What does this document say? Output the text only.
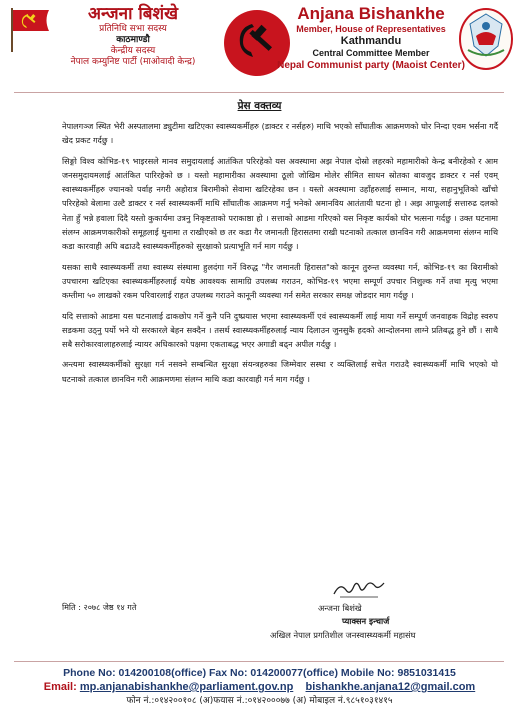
अन्जना बिशंखे
प्रतिनिधि सभा सदस्य
काठमाण्डौ
केन्द्रीय सदस्य
नेपाल कम्युनिष्ट पार्टी (माओवादी केन्द्र)
Anjana Bishankhe
Member, House of Representatives
Kathmandu
Central Committee Member
Nepal Communist party (Maoist Center)
प्रेस वक्तव्य

नेपालगञ्ज स्थित भेरी अस्पतालमा ड्युटीमा खटिएका स्वास्थ्यकर्मीहरु (डाक्टर र नर्सहरु) माथि भएको साँघातीक आक्रमणको घोर निन्दा एवम भर्सना गर्दै खेद प्रकट गर्दछु ।

सिङ्गो विश्व कोभिड-१९ भाइरसले मानव समुदायलाई आतंकित परिरहेको यस अवस्थामा अझ नेपाल दोस्रो लहरको महामारीको केन्द्र बनीरहेको र आम जनसमुदायमलाई आतंकित पारिरहेको छ । यस्तो महामारीका अवस्थामा ठूलो जोखिम मोलेर सीमित साधन स्रोतका बावजुद डाक्टर र नर्स एवम् स्वास्थ्यकर्मीहरु ज्यानको पर्वाह नगरी अहोरात्र बिरामीको सेवामा खटिरहेका छन । यस्तो अवस्थामा उहाँहरुलाई सम्मान, माया, सहानुभूतिको खाँचो परिरहेको बेलामा उल्टै डाक्टर र नर्स स्वास्थ्यकर्मी माथि साँघातीक आक्रमण गर्नु भनेको अमानविय आतंतायी घटना हो । अझ आफूलाई सत्तारुढ दलको नेता हुँ भन्ने हवाला दिदै यस्तो कुकार्यमा उत्रनु निकृष्टताको पराकाष्ठा हो । सत्ताको आडमा गरिएको यस निकृष्ट कार्यको घोर भत्सना गर्दछु । उक्त घटनामा संलग्न आक्रमणकारीको समूहलाई थुनामा त राखीएको छ तर कडा गैर जमानती हिरासतमा राखी घटनाको तत्काल छानविन गरी आक्रमणमा संलग्न माथि कडा कारवाही अघि बढाउदै स्वास्थ्यकर्मीहरुको सुरक्षाको प्रत्याभूति गर्न माग गर्दछु ।

यसका साथै स्वास्थ्यकर्मी तथा स्वास्थ्य संस्थामा हुलदंगा गर्ने विरुद्ध "गैर जमानती हिरासत"को कानून तुरुन्त व्यवस्था गर्न, कोभिड-१९ का बिरामीको उपचारमा खटिएका स्वास्थ्यकर्मीहरुलाई यथेष्ठ आवश्यक सामाग्रि उपलब्ध गराउन, कोभिड-१९ भएमा सम्पूर्ण उपचार निशुल्क गर्ने तथा मृत्यु भएमा कम्तीमा ५० लाखको रकम परिवारलाई राहत उपलब्ध गराउने कानूनी व्यवस्था गर्न समेत सरकार समक्ष जोडदार माग गर्दछु ।

यदि सत्ताको आडमा यस घटनालाई ढाकछोप गर्ने कुनै पनि दुष्प्रयास भएमा स्वास्थ्यकर्मी एवं स्वास्थ्यकर्मी लाई माया गर्ने सम्पूर्ण जनवाहक विद्रोह स्वरुप सडकमा उठ्नु पर्यो भने यो सरकारले बेहन सक्दैन । तसर्थ स्वास्थ्यकर्मीहरुलाई न्याय दिलाउन जुनसुकै हदको आन्दोलनमा लाग्ने प्रतिबद्ध हुने छौं । साथै सबै सरोकारवालाहरुलाई न्यायर अधिकारको पक्षमा एकताबद्ध भएर अगाडी बढ्न अपील गर्दछु ।

अन्त्यमा स्वास्थ्यकर्मीको सुरक्षा गर्न नसक्ने सम्बन्धित सुरक्षा संयन्त्रहरुका जिम्मेवार सस्था र व्यक्तिलाई सचेत गराउदै स्वास्थ्यकर्मी माथि भएको यो घटनाको तत्काल छानविन गरी आक्रमणमा संलग्न माथि कडा कारवाही गर्न माग गर्दछु ।

मिति : २०७८ जेष्ठ १४ गते	अन्जना बिशंखे
प्याक्सन इन्चार्ज
अखिल नेपाल प्रगतिशील जनस्वास्थ्यकर्मी महासंघ
Phone No: 014200108(office) Fax No: 014200077(office) Mobile No: 9851031415
Email: mp.anjanabishankhe@parliament.gov.np bishankhe.anjana12@gmail.com
फोन नं.:०१४२००१०८ (अ)फयास नं.:०१४२०००७७ (अ) मोबाइल नं.९८५१०३१४१५
